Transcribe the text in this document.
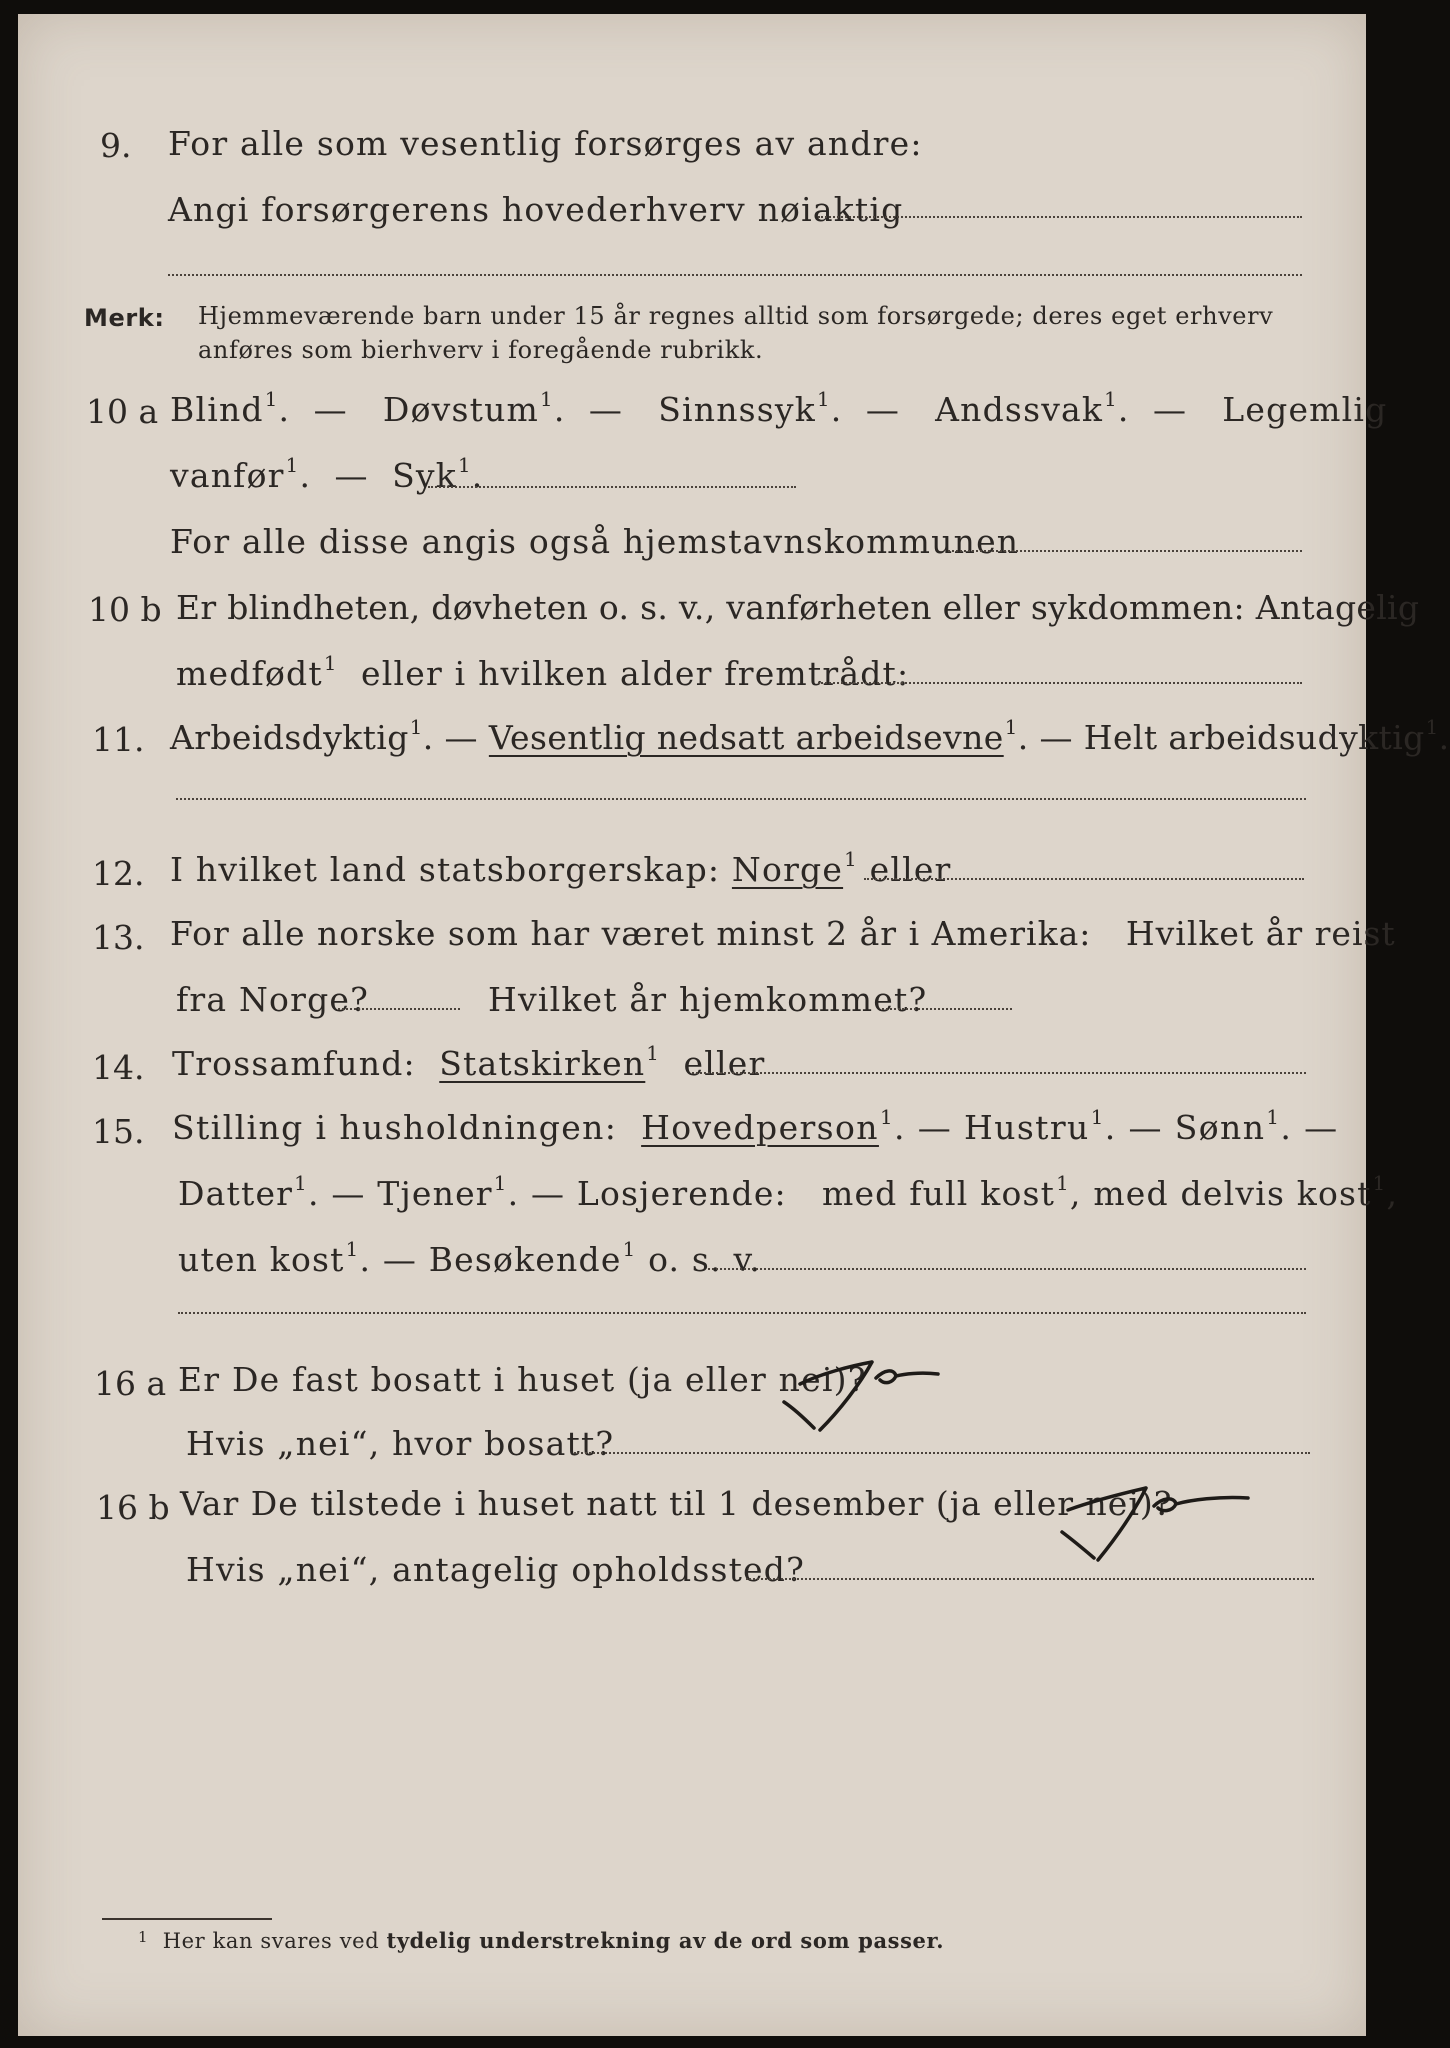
9. For alle som vesentlig forsørges av andre:
Angi forsørgerens hovederhverv nøiaktig
Merk: Hjemmeværende barn under 15 år regnes alltid som forsørgede; deres eget erhverv
anføres som bierhverv i foregående rubrikk.
10 a Blind$^1$.  — Døvstum$^1$.  — Sinnssyk$^1$.  — Andssvak$^1$.  — Legemlig
vanfør$^1$.  — Syk$^1$.
For alle disse angis også hjemstavnskommunen
10 b Er blindheten, døvheten o. s. v., vanførheten eller sykdommen: Antagelig
medfødt$^1$ eller i hvilken alder fremtrådt:
11. Arbeidsdyktig$^1$. — Vesentlig nedsatt arbeidsevne$^1$. — Helt arbeidsudyktig$^1$.
12. I hvilket land statsborgerskap: Norge$^1$ eller
13. For alle norske som har været minst 2 år i Amerika: Hvilket år reist
fra Norge?	Hvilket år hjemkommet?
14. Trossamfund: Statskirken$^1$ eller
15. Stilling i husholdningen: Hovedperson$^1$. — Hustru$^1$. — Sønn$^1$. —
Datter$^1$. — Tjener$^1$. — Losjerende: med full kost$^1$, med delvis kost$^1$,
uten kost$^1$. — Besøkende$^1$ o. s. v.
16 a Er De fast bosatt i huset (ja eller nei)?
Hvis „nei“, hvor bosatt?
16 b Var De tilstede i huset natt til 1 desember (ja eller nei)?
Hvis „nei“, antagelig opholdssted?
$^1$ Her kan svares ved tydelig understrekning av de ord som passer.
